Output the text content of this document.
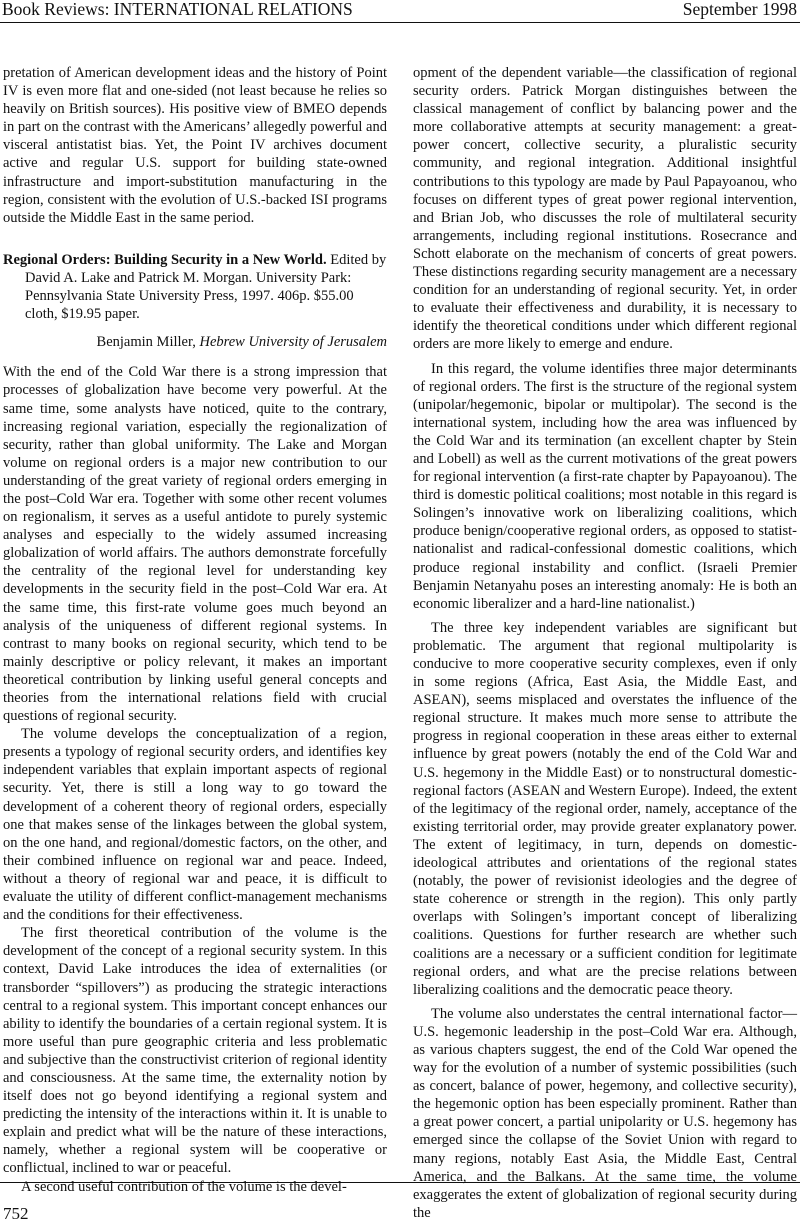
Book Reviews: INTERNATIONAL RELATIONS	September 1998

pretation of American development ideas and the history of Point IV is even more flat and one-sided (not least because he relies so heavily on British sources). His positive view of BMEO depends in part on the contrast with the Americans’ allegedly powerful and visceral antistatist bias. Yet, the Point IV archives document active and regular U.S. support for building state-owned infrastructure and import-substitution manufacturing in the region, consistent with the evolution of U.S.-backed ISI programs outside the Middle East in the same period.

Regional Orders: Building Security in a New World. Edited by David A. Lake and Patrick M. Morgan. University Park: Pennsylvania State University Press, 1997. 406p. $55.00 cloth, $19.95 paper.
Benjamin Miller, Hebrew University of Jerusalem

With the end of the Cold War there is a strong impression that processes of globalization have become very powerful. At the same time, some analysts have noticed, quite to the contrary, increasing regional variation, especially the regionalization of security, rather than global uniformity. The Lake and Morgan volume on regional orders is a major new contribution to our understanding of the great variety of regional orders emerging in the post–Cold War era. Together with some other recent volumes on regionalism, it serves as a useful antidote to purely systemic analyses and especially to the widely assumed increasing globalization of world affairs. The authors demonstrate forcefully the centrality of the regional level for understanding key developments in the security field in the post–Cold War era. At the same time, this first-rate volume goes much beyond an analysis of the uniqueness of different regional systems. In contrast to many books on regional security, which tend to be mainly descriptive or policy relevant, it makes an important theoretical contribution by linking useful general concepts and theories from the international relations field with crucial questions of regional security.

The volume develops the conceptualization of a region, presents a typology of regional security orders, and identifies key independent variables that explain important aspects of regional security. Yet, there is still a long way to go toward the development of a coherent theory of regional orders, especially one that makes sense of the linkages between the global system, on the one hand, and regional/domestic factors, on the other, and their combined influence on regional war and peace. Indeed, without a theory of regional war and peace, it is difficult to evaluate the utility of different conflict-management mechanisms and the conditions for their effectiveness.

The first theoretical contribution of the volume is the development of the concept of a regional security system. In this context, David Lake introduces the idea of externalities (or transborder “spillovers”) as producing the strategic interactions central to a regional system. This important concept enhances our ability to identify the boundaries of a certain regional system. It is more useful than pure geographic criteria and less problematic and subjective than the constructivist criterion of regional identity and consciousness. At the same time, the externality notion by itself does not go beyond identifying a regional system and predicting the intensity of the interactions within it. It is unable to explain and predict what will be the nature of these interactions, namely, whether a regional system will be cooperative or conflictual, inclined to war or peaceful.

A second useful contribution of the volume is the devel-

opment of the dependent variable—the classification of regional security orders. Patrick Morgan distinguishes between the classical management of conflict by balancing power and the more collaborative attempts at security management: a great-power concert, collective security, a pluralistic security community, and regional integration. Additional insightful contributions to this typology are made by Paul Papayoanou, who focuses on different types of great power regional intervention, and Brian Job, who discusses the role of multilateral security arrangements, including regional institutions. Rosecrance and Schott elaborate on the mechanism of concerts of great powers. These distinctions regarding security management are a necessary condition for an understanding of regional security. Yet, in order to evaluate their effectiveness and durability, it is necessary to identify the theoretical conditions under which different regional orders are more likely to emerge and endure.

In this regard, the volume identifies three major determinants of regional orders. The first is the structure of the regional system (unipolar/hegemonic, bipolar or multipolar). The second is the international system, including how the area was influenced by the Cold War and its termination (an excellent chapter by Stein and Lobell) as well as the current motivations of the great powers for regional intervention (a first-rate chapter by Papayoanou). The third is domestic political coalitions; most notable in this regard is Solingen’s innovative work on liberalizing coalitions, which produce benign/cooperative regional orders, as opposed to statist-nationalist and radical-confessional domestic coalitions, which produce regional instability and conflict. (Israeli Premier Benjamin Netanyahu poses an interesting anomaly: He is both an economic liberalizer and a hard-line nationalist.)

The three key independent variables are significant but problematic. The argument that regional multipolarity is conducive to more cooperative security complexes, even if only in some regions (Africa, East Asia, the Middle East, and ASEAN), seems misplaced and overstates the influence of the regional structure. It makes much more sense to attribute the progress in regional cooperation in these areas either to external influence by great powers (notably the end of the Cold War and U.S. hegemony in the Middle East) or to nonstructural domestic-regional factors (ASEAN and Western Europe). Indeed, the extent of the legitimacy of the regional order, namely, acceptance of the existing territorial order, may provide greater explanatory power. The extent of legitimacy, in turn, depends on domestic-ideological attributes and orientations of the regional states (notably, the power of revisionist ideologies and the degree of state coherence or strength in the region). This only partly overlaps with Solingen’s important concept of liberalizing coalitions. Questions for further research are whether such coalitions are a necessary or a sufficient condition for legitimate regional orders, and what are the precise relations between liberalizing coalitions and the democratic peace theory.

The volume also understates the central international factor—U.S. hegemonic leadership in the post–Cold War era. Although, as various chapters suggest, the end of the Cold War opened the way for the evolution of a number of systemic possibilities (such as concert, balance of power, hegemony, and collective security), the hegemonic option has been especially prominent. Rather than a great power concert, a partial unipolarity or U.S. hegemony has emerged since the collapse of the Soviet Union with regard to many regions, notably East Asia, the Middle East, Central America, and the Balkans. At the same time, the volume exaggerates the extent of globalization of regional security during the

752
